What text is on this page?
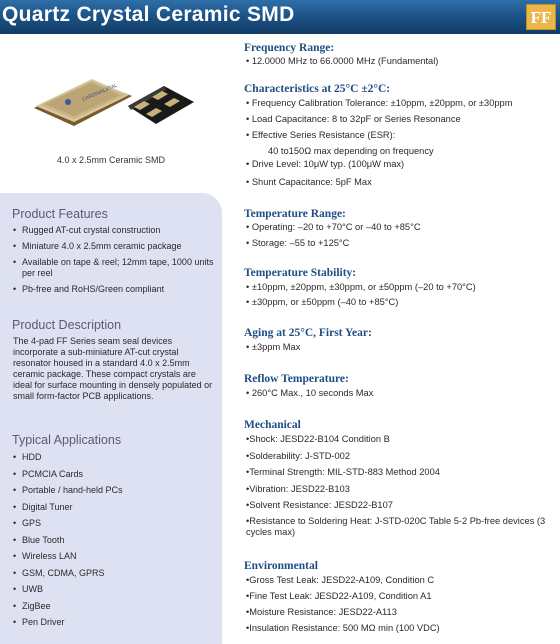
Quartz Crystal Ceramic SMD	FF
CARDINALXTAL
4.0 x 2.5mm Ceramic SMD
Product Features
• Rugged AT-cut crystal construction
• Miniature 4.0 x 2.5mm ceramic package
• Available on tape & reel; 12mm tape, 1000 units per reel
• Pb-free and RoHS/Green compliant
Product Description
The 4-pad FF Series seam seal devices incorporate a sub-miniature AT-cut crystal resonator housed in a standard 4.0 x 2.5mm ceramic package. These compact crystals are ideal for surface mounting in densely populated or small form-factor PCB applications.
Typical Applications
• HDD
• PCMCIA Cards
• Portable / hand-held PCs
• Digital Tuner
• GPS
• Blue Tooth
• Wireless LAN
• GSM, CDMA, GPRS
• UWB
• ZigBee
• Pen Driver
Frequency Range:
• 12.0000 MHz to 66.0000 MHz (Fundamental)
Characteristics at 25°C ±2°C:
• Frequency Calibration Tolerance: ±10ppm, ±20ppm, or ±30ppm
• Load Capacitance: 8 to 32pF or Series Resonance
• Effective Series Resistance (ESR):
40 to150Ω max depending on frequency
• Drive Level: 10μW typ. (100μW max)
• Shunt Capacitance: 5pF Max
Temperature Range:
• Operating: –20 to +70°C or –40 to +85°C
• Storage: –55 to +125°C
Temperature Stability:
• ±10ppm, ±20ppm, ±30ppm, or ±50ppm (–20 to +70°C)
• ±30ppm, or ±50ppm (–40 to +85°C)
Aging at 25°C, First Year:
• ±3ppm Max
Reflow Temperature:
• 260°C Max., 10 seconds Max
Mechanical
•Shock: JESD22-B104 Condition B
•Solderability: J-STD-002
•Terminal Strength: MIL-STD-883 Method 2004
•Vibration: JESD22-B103
•Solvent Resistance: JESD22-B107
•Resistance to Soldering Heat: J-STD-020C Table 5-2 Pb-free devices (3 cycles max)
Environmental
•Gross Test Leak: JESD22-A109, Condition C
•Fine Test Leak: JESD22-A109, Condition A1
•Moisture Resistance: JESD22-A113
•Insulation Resistance: 500 MΩ min (100 VDC)
